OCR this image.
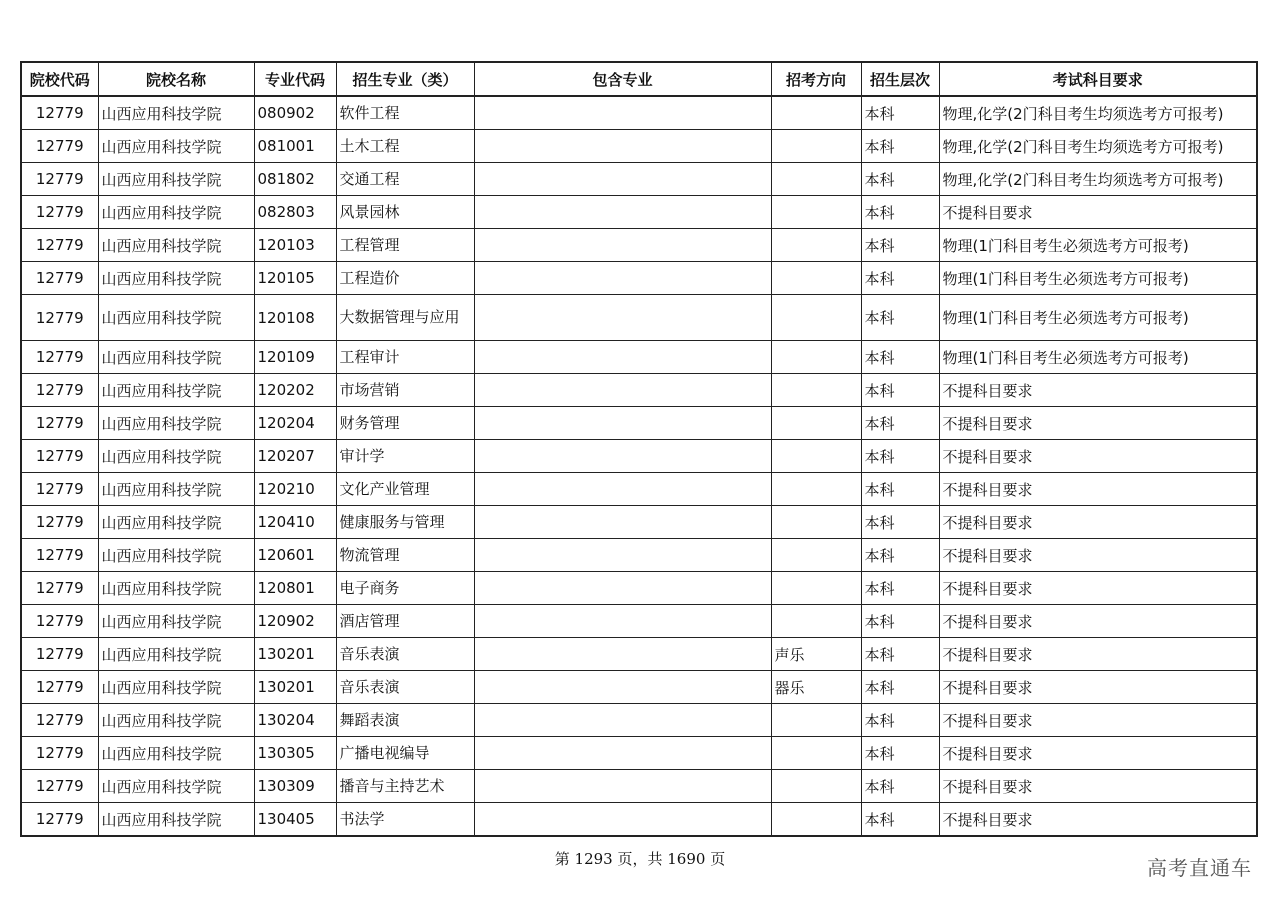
院校代码	院校名称	专业代码	招生专业（类）	包含专业	招考方向	招生层次	考试科目要求
12779	山西应用科技学院	080902	软件工程			本科	物理,化学(2门科目考生均须选考方可报考)
12779	山西应用科技学院	081001	土木工程			本科	物理,化学(2门科目考生均须选考方可报考)
12779	山西应用科技学院	081802	交通工程			本科	物理,化学(2门科目考生均须选考方可报考)
12779	山西应用科技学院	082803	风景园林			本科	不提科目要求
12779	山西应用科技学院	120103	工程管理			本科	物理(1门科目考生必须选考方可报考)
12779	山西应用科技学院	120105	工程造价			本科	物理(1门科目考生必须选考方可报考)
12779	山西应用科技学院	120108	大数据管理与应用			本科	物理(1门科目考生必须选考方可报考)
12779	山西应用科技学院	120109	工程审计			本科	物理(1门科目考生必须选考方可报考)
12779	山西应用科技学院	120202	市场营销			本科	不提科目要求
12779	山西应用科技学院	120204	财务管理			本科	不提科目要求
12779	山西应用科技学院	120207	审计学			本科	不提科目要求
12779	山西应用科技学院	120210	文化产业管理			本科	不提科目要求
12779	山西应用科技学院	120410	健康服务与管理			本科	不提科目要求
12779	山西应用科技学院	120601	物流管理			本科	不提科目要求
12779	山西应用科技学院	120801	电子商务			本科	不提科目要求
12779	山西应用科技学院	120902	酒店管理			本科	不提科目要求
12779	山西应用科技学院	130201	音乐表演		声乐	本科	不提科目要求
12779	山西应用科技学院	130201	音乐表演		器乐	本科	不提科目要求
12779	山西应用科技学院	130204	舞蹈表演			本科	不提科目要求
12779	山西应用科技学院	130305	广播电视编导			本科	不提科目要求
12779	山西应用科技学院	130309	播音与主持艺术			本科	不提科目要求
12779	山西应用科技学院	130405	书法学			本科	不提科目要求
第 1293 页，共 1690 页	高考直通车
